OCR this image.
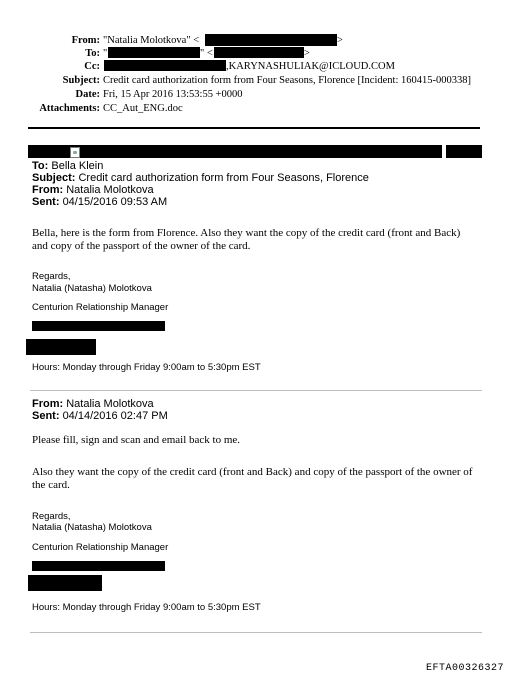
From: "Natalia Molotkova" <	>
To: "	" <	>
Cc:	,KARYNASHULIAK@ICLOUD.COM
Subject: Credit card authorization form from Four Seasons, Florence [Incident: 160415-000338]
Date: Fri, 15 Apr 2016 13:53:55 +0000
Attachments: CC_Aut_ENG.doc
To: Bella Klein
Subject: Credit card authorization form from Four Seasons, Florence
From: Natalia Molotkova
Sent: 04/15/2016 09:53 AM
Bella, here is the form from Florence. Also they want the copy of the credit card (front and Back) and copy of the passport of the owner of the card.
Regards,
Natalia (Natasha) Molotkova
Centurion Relationship Manager
Hours: Monday through Friday 9:00am to 5:30pm EST
From: Natalia Molotkova
Sent: 04/14/2016 02:47 PM
Please fill, sign and scan and email back to me.
Also they want the copy of the credit card (front and Back) and copy of the passport of the owner of the card.
Regards,
Natalia (Natasha) Molotkova
Centurion Relationship Manager
Hours: Monday through Friday 9:00am to 5:30pm EST
EFTA00326327
